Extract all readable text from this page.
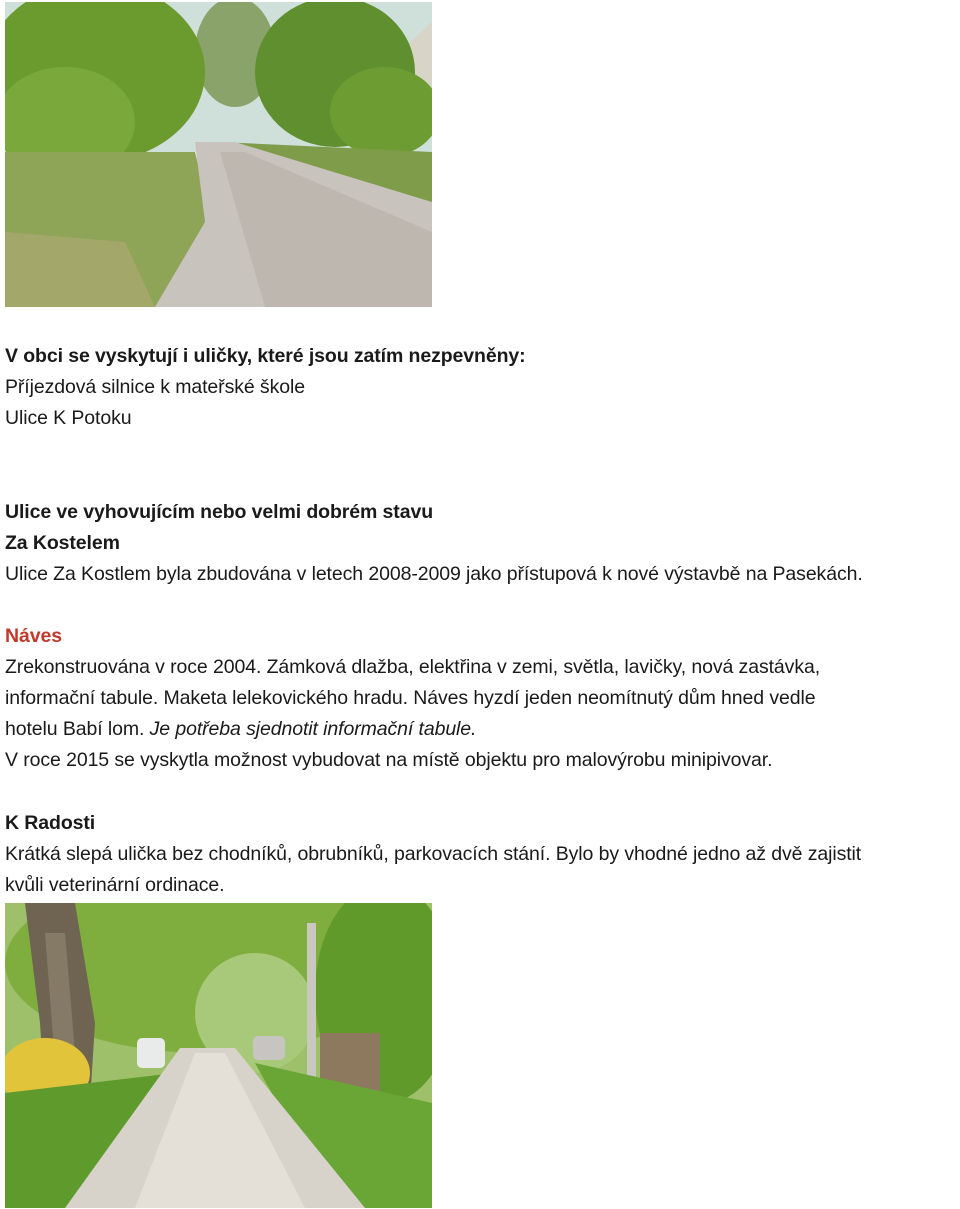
V obci se vyskytují i uličky, které jsou zatím nezpevněny:
Příjezdová silnice k mateřské škole
Ulice K Potoku
Ulice ve vyhovujícím nebo velmi dobrém stavu
Za Kostelem
Ulice Za Kostlem byla zbudována v letech 2008-2009 jako přístupová k nové výstavbě na Pasekách.
Náves
Zrekonstruována v roce 2004. Zámková dlažba, elektřina v zemi, světla, lavičky, nová zastávka,
informační tabule. Maketa lelekovického hradu. Náves hyzdí jeden neomítnutý dům hned vedle
hotelu Babí lom. Je potřeba sjednotit informační tabule.
V roce 2015 se vyskytla možnost vybudovat na místě objektu pro malovýrobu minipivovar.
K Radosti
Krátká slepá ulička bez chodníků, obrubníků, parkovacích stání. Bylo by vhodné jedno až dvě zajistit
kvůli veterinární ordinace.
